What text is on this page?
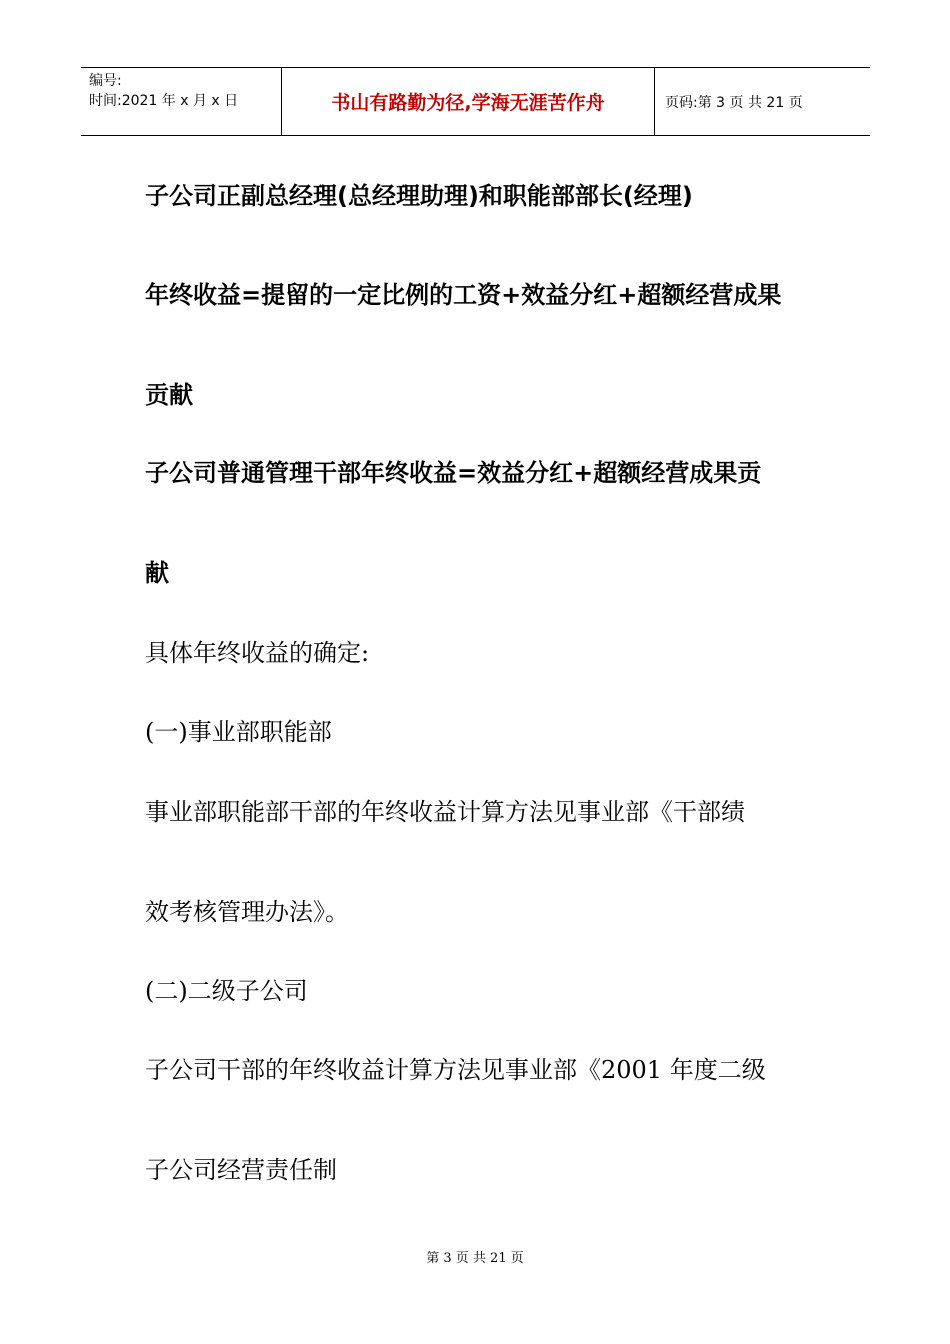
编号:
时间:2021 年 x 月 x 日	书山有路勤为径,学海无涯苦作舟	页码:第 3 页 共 21 页
子公司正副总经理(总经理助理)和职能部部长(经理)
年终收益=提留的一定比例的工资+效益分红+超额经营成果
贡献
子公司普通管理干部年终收益=效益分红+超额经营成果贡
献
具体年终收益的确定:
(一)事业部职能部
事业部职能部干部的年终收益计算方法见事业部《干部绩
效考核管理办法》。
(二)二级子公司
子公司干部的年终收益计算方法见事业部《2001 年度二级
子公司经营责任制
第 3 页 共 21 页
